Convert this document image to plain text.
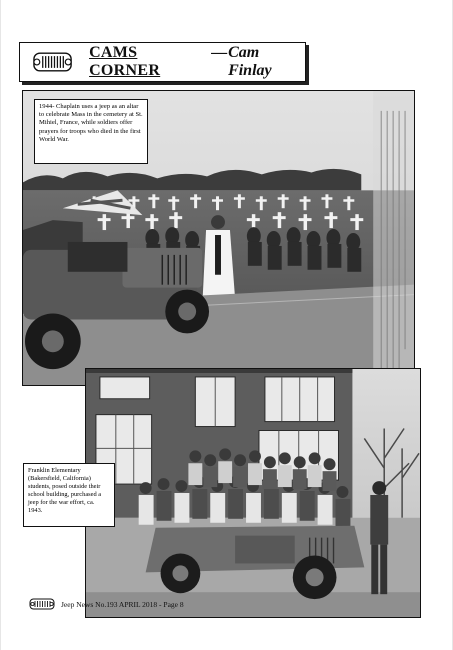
CAMS CORNER
— Cam Finlay
1944- Chaplain uses a jeep as an altar to celebrate Mass in the cemetery at St. Mihiel, France, while soldiers offer prayers for troops who died in the first World War.
Franklin Elementary (Bakersfield, California) students, posed outside their school building, purchased a jeep for the war effort, ca. 1943.
Jeep News No.193 APRIL 2018 - Page 8
